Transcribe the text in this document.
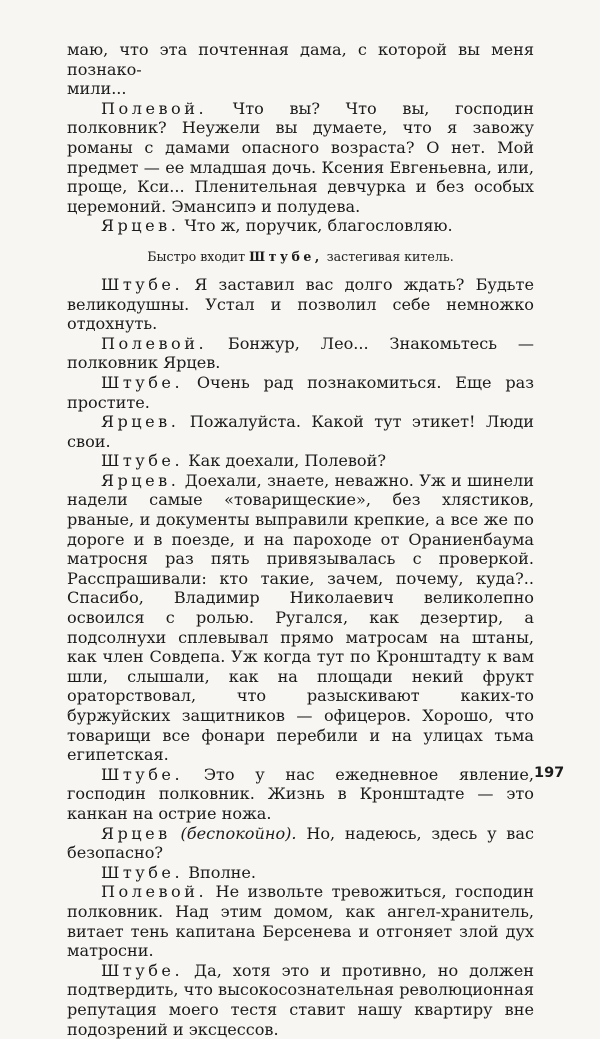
маю, что эта почтенная дама, с которой вы меня познако-
мили...

Полевой. Что вы? Что вы, господин полковник? Неужели вы думаете, что я завожу романы с дамами опасного возраста? О нет. Мой предмет — ее младшая дочь. Ксения Евгеньевна, или, проще, Кси... Пленительная девчурка и без особых церемоний. Эмансипэ и полудева.

Ярцев. Что ж, поручик, благословляю.

Быстро входит Штубе, застегивая китель.

Штубе. Я заставил вас долго ждать? Будьте великодушны. Устал и позволил себе немножко отдохнуть.

Полевой. Бонжур, Лео... Знакомьтесь — полковник Ярцев.

Штубе. Очень рад познакомиться. Еще раз простите.

Ярцев. Пожалуйста. Какой тут этикет! Люди свои.

Штубе. Как доехали, Полевой?

Ярцев. Доехали, знаете, неважно. Уж и шинели надели самые «товарищеские», без хлястиков, рваные, и документы выправили крепкие, а все же по дороге и в поезде, и на пароходе от Ораниенбаума матросня раз пять привязывалась с проверкой. Расспрашивали: кто такие, зачем, почему, куда?.. Спасибо, Владимир Николаевич великолепно освоился с ролью. Ругался, как дезертир, а подсолнухи сплевывал прямо матросам на штаны, как член Совдепа. Уж когда тут по Кронштадту к вам шли, слышали, как на площади некий фрукт ораторствовал, что разыскивают каких-то буржуйских защитников — офицеров. Хорошо, что товарищи все фонари перебили и на улицах тьма египетская.

Штубе. Это у нас ежедневное явление, господин полковник. Жизнь в Кронштадте — это канкан на острие ножа.

Ярцев (беспокойно). Но, надеюсь, здесь у вас безопасно?

Штубе. Вполне.

Полевой. Не извольте тревожиться, господин полковник. Над этим домом, как ангел-хранитель, витает тень капитана Берсенева и отгоняет злой дух матросни.

Штубе. Да, хотя это и противно, но должен подтвердить, что высокосознательная революционная репутация моего тестя ставит нашу квартиру вне подозрений и эксцессов.

197
